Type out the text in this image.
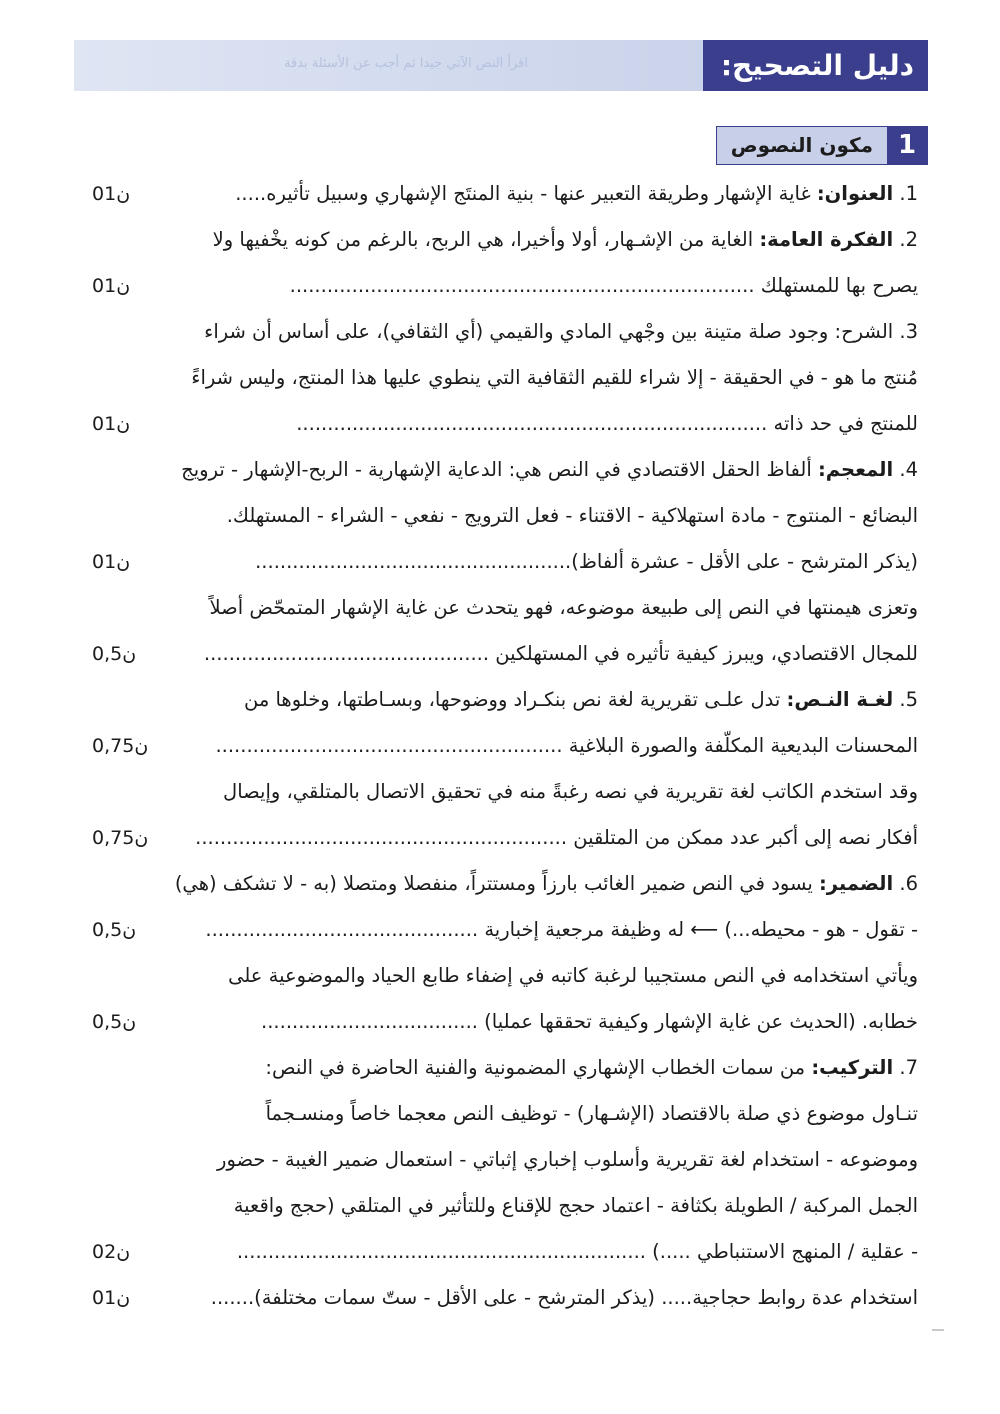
اقرأ النص الآتي جيدا ثم أجب عن الأسئلة بدقة	دليل التصحيح:
1
مكون النصوص
1. العنوان: غاية الإشهار وطريقة التعبير عنها - بنية المنتَج الإشهاري وسبيل تأثيره.....
2. الفكرة العامة: الغاية من الإشـهار، أولا وأخيرا، هي الربح، بالرغم من كونه يخْفيها ولا
يصرح بها للمستهلك ...........................................................................
3. الشرح: وجود صلة متينة بين وجْهي المادي والقيمي (أي الثقافي)، على أساس أن شراء
مُنتج ما هو - في الحقيقة - إلا شراء للقيم الثقافية التي ينطوي عليها هذا المنتج، وليس شراءً
للمنتج في حد ذاته ............................................................................
4. المعجم: ألفاظ الحقل الاقتصادي في النص هي: الدعاية الإشهارية - الربح-الإشهار - ترويج
البضائع - المنتوج - مادة استهلاكية - الاقتناء - فعل الترويج - نفعي - الشراء - المستهلك.
(يذكر المترشح - على الأقل - عشرة ألفاظ)...................................................
وتعزى هيمنتها في النص إلى طبيعة موضوعه، فهو يتحدث عن غاية الإشهار المتمحّض أصلاً
للمجال الاقتصادي، ويبرز كيفية تأثيره في المستهلكين ..............................................
5. لغـة النـص: تدل علـى تقريرية لغة نص بنكـراد ووضوحها، وبسـاطتها، وخلوها من
المحسنات البديعية المكلّفة والصورة البلاغية ........................................................
وقد استخدم الكاتب لغة تقريرية في نصه رغبةً منه في تحقيق الاتصال بالمتلقي، وإيصال
أفكار نصه إلى أكبر عدد ممكن من المتلقين ............................................................
6. الضمير: يسود في النص ضمير الغائب بارزاً ومستتراً، منفصلا ومتصلا (به - لا تشكف (هي)
- تقول - هو - محيطه...) ⟵ له وظيفة مرجعية إخبارية ............................................
ويأتي استخدامه في النص مستجيبا لرغبة كاتبه في إضفاء طابع الحياد والموضوعية على
خطابه. (الحديث عن غاية الإشهار وكيفية تحققها عمليا) ...................................
7. التركيب: من سمات الخطاب الإشهاري المضمونية والفنية الحاضرة في النص:
تنـاول موضوع ذي صلة بالاقتصاد (الإشـهار) - توظيف النص معجما خاصاً ومنسـجماً
وموضوعه - استخدام لغة تقريرية وأسلوب إخباري إثباتي - استعمال ضمير الغيبة - حضور
الجمل المركبة / الطويلة بكثافة - اعتماد حجج للإقناع وللتأثير في المتلقي (حجج واقعية
- عقلية / المنهج الاستنباطي .....) ..................................................................
استخدام عدة روابط حجاجية..... (يذكر المترشح - على الأقل - ستّ سمات مختلفة).......
01ن
01ن
01ن
01ن
0,5ن
0,75ن
0,75ن
0,5ن
0,5ن
02ن
01ن
